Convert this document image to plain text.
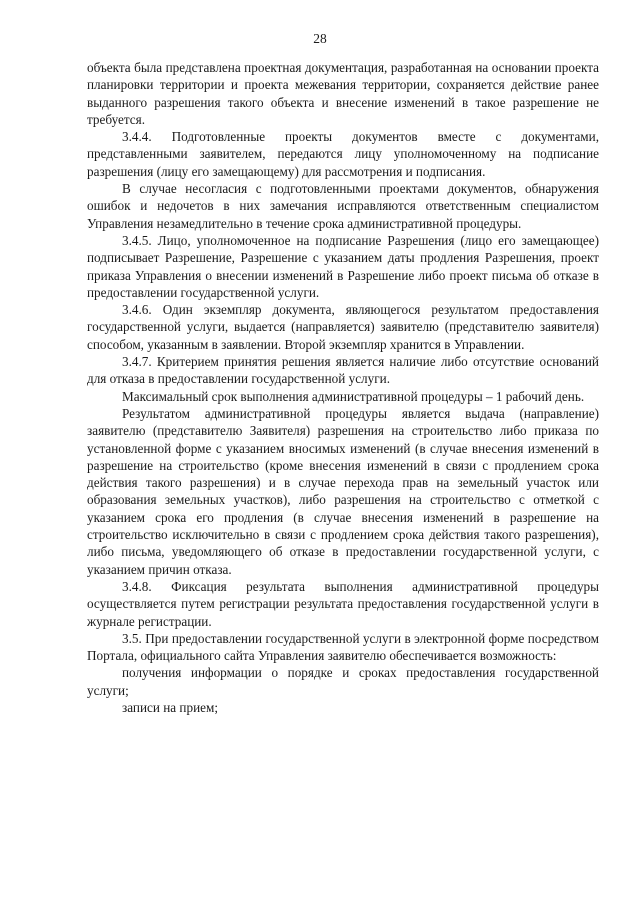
28

объекта была представлена проектная документация, разработанная на основании проекта планировки территории и проекта межевания территории, сохраняется действие ранее выданного разрешения такого объекта и внесение изменений в такое разрешение не требуется.

3.4.4. Подготовленные проекты документов вместе с документами, представленными заявителем, передаются лицу уполномоченному на подписание разрешения (лицу его замещающему) для рассмотрения и подписания.

В случае несогласия с подготовленными проектами документов, обнаружения ошибок и недочетов в них замечания исправляются ответственным специалистом Управления незамедлительно в течение срока административной процедуры.

3.4.5. Лицо, уполномоченное на подписание Разрешения (лицо его замещающее) подписывает Разрешение, Разрешение с указанием даты продления Разрешения, проект приказа Управления о внесении изменений в Разрешение либо проект письма об отказе в предоставлении государственной услуги.

3.4.6. Один экземпляр документа, являющегося результатом предоставления государственной услуги, выдается (направляется) заявителю (представителю заявителя) способом, указанным в заявлении. Второй экземпляр хранится в Управлении.

3.4.7. Критерием принятия решения является наличие либо отсутствие оснований для отказа в предоставлении государственной услуги.

Максимальный срок выполнения административной процедуры – 1 рабочий день.

Результатом административной процедуры является выдача (направление) заявителю (представителю Заявителя) разрешения на строительство либо приказа по установленной форме с указанием вносимых изменений (в случае внесения изменений в разрешение на строительство (кроме внесения изменений в связи с продлением срока действия такого разрешения) и в случае перехода прав на земельный участок или образования земельных участков), либо разрешения на строительство с отметкой с указанием срока его продления (в случае внесения изменений в разрешение на строительство исключительно в связи с продлением срока действия такого разрешения), либо письма, уведомляющего об отказе в предоставлении государственной услуги, с указанием причин отказа.

3.4.8. Фиксация результата выполнения административной процедуры осуществляется путем регистрации результата предоставления государственной услуги в журнале регистрации.

3.5. При предоставлении государственной услуги в электронной форме посредством Портала, официального сайта Управления заявителю обеспечивается возможность:

получения информации о порядке и сроках предоставления государственной услуги;

записи на прием;
